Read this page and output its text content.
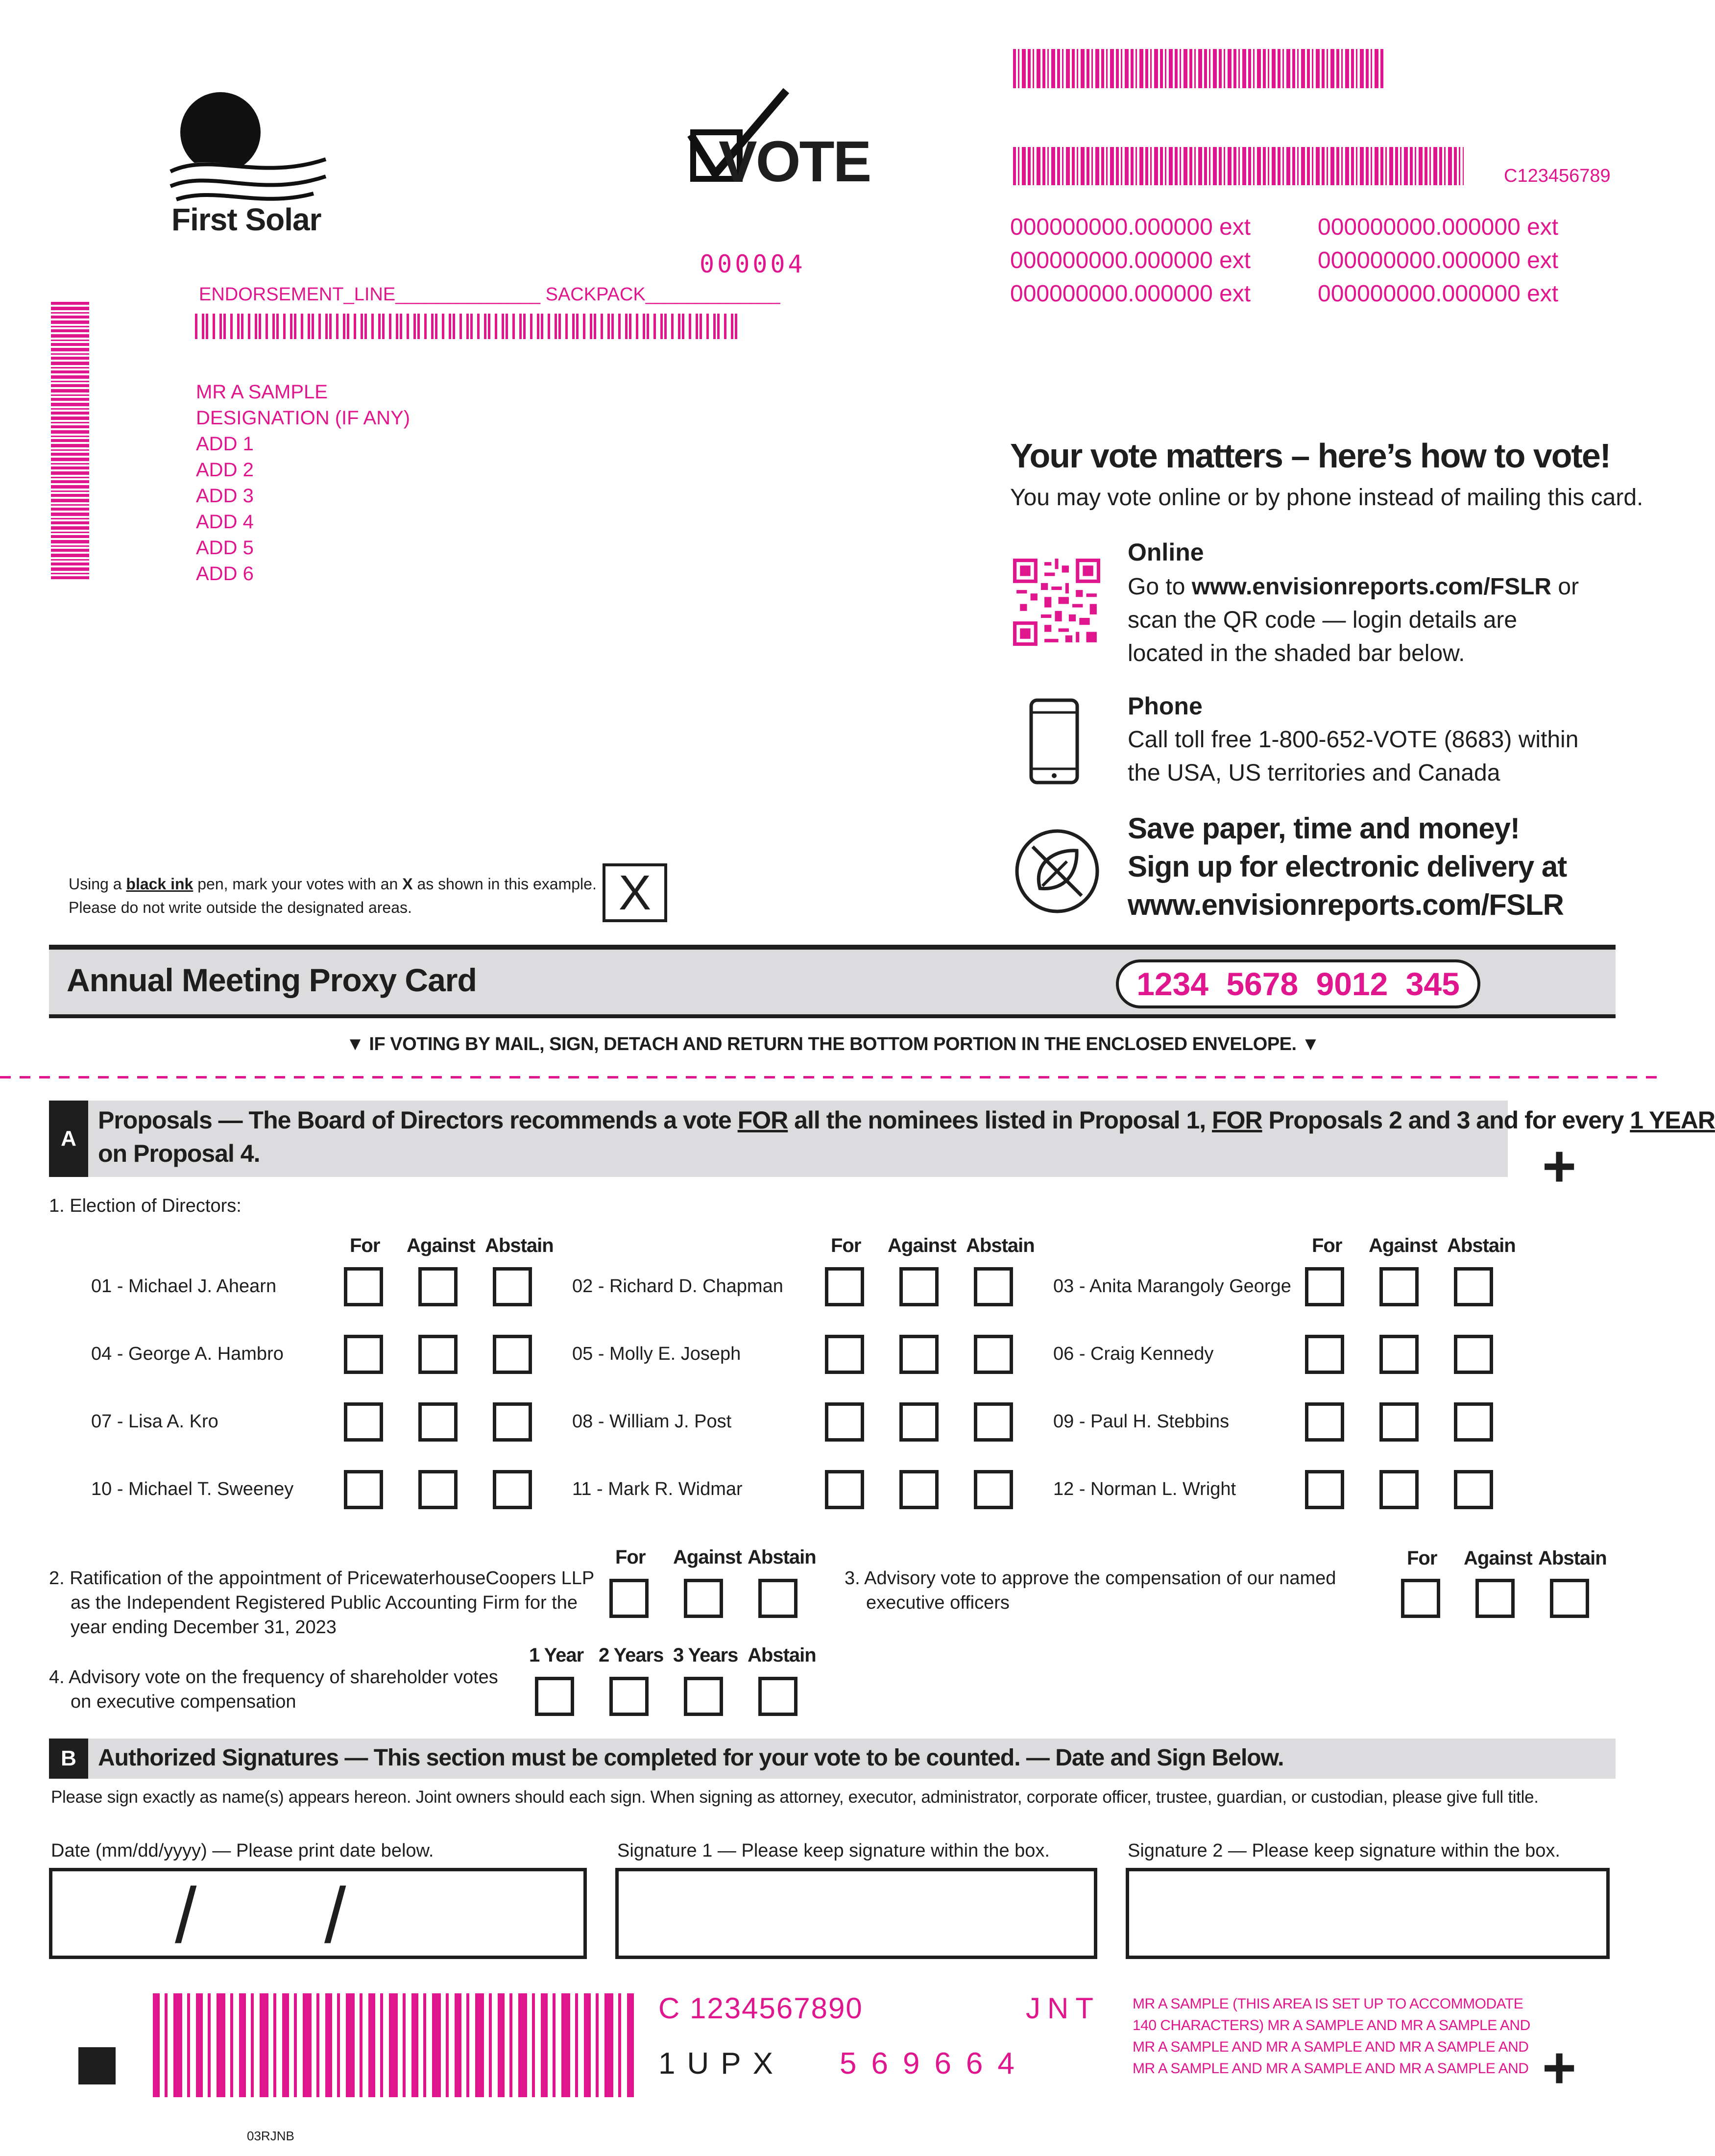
First Solar
VOTE	C123456789
000000000.000000 ext
000000000.000000 ext
000000000.000000 ext
000000000.000000 ext
000000000.000000 ext
000000000.000000 ext
000004
ENDORSEMENT_LINE______________ SACKPACK_____________
MR A SAMPLE
DESIGNATION (IF ANY)
ADD 1
ADD 2
ADD 3
ADD 4
ADD 5
ADD 6
Your vote matters – here’s how to vote!
You may vote online or by phone instead of mailing this card.
Online
Go to www.envisionreports.com/FSLR or
scan the QR code — login details are
located in the shaded bar below.
Phone
Call toll free 1-800-652-VOTE (8683) within
the USA, US territories and Canada
Save paper, time and money!
Sign up for electronic delivery at
www.envisionreports.com/FSLR
Using a black ink pen, mark your votes with an X as shown in this example.
Please do not write outside the designated areas.	X
Annual Meeting Proxy Card	1234 5678 9012 345
▼ IF VOTING BY MAIL, SIGN, DETACH AND RETURN THE BOTTOM PORTION IN THE ENCLOSED ENVELOPE. ▼
A
Proposals — The Board of Directors recommends a vote FOR all the nominees listed in Proposal 1, FOR Proposals 2 and 3 and for every 1 YEAR
on Proposal 4.	+
1. Election of Directors:
For Against Abstain	For Against Abstain	For Against Abstain
01 - Michael J. Ahearn	02 - Richard D. Chapman	03 - Anita Marangoly George
04 - George A. Hambro	05 - Molly E. Joseph	06 - Craig Kennedy
07 - Lisa A. Kro	08 - William J. Post	09 - Paul H. Stebbins
10 - Michael T. Sweeney	11 - Mark R. Widmar	12 - Norman L. Wright
2. Ratification of the appointment of PricewaterhouseCoopers LLP
as the Independent Registered Public Accounting Firm for the
year ending December 31, 2023
For Against Abstain
3. Advisory vote to approve the compensation of our named
executive officers
For Against Abstain
4. Advisory vote on the frequency of shareholder votes
on executive compensation
1 Year 2 Years 3 Years Abstain
B Authorized Signatures — This section must be completed for your vote to be counted. — Date and Sign Below.
Please sign exactly as name(s) appears hereon. Joint owners should each sign. When signing as attorney, executor, administrator, corporate officer, trustee, guardian, or custodian, please give full title.
Date (mm/dd/yyyy) — Please print date below.	Signature 1 — Please keep signature within the box.	Signature 2 — Please keep signature within the box.
/ /
C 1234567890	JNT
1UPX 569664
MR A SAMPLE (THIS AREA IS SET UP TO ACCOMMODATE
140 CHARACTERS) MR A SAMPLE AND MR A SAMPLE AND
MR A SAMPLE AND MR A SAMPLE AND MR A SAMPLE AND
MR A SAMPLE AND MR A SAMPLE AND MR A SAMPLE AND +
03RJNB
